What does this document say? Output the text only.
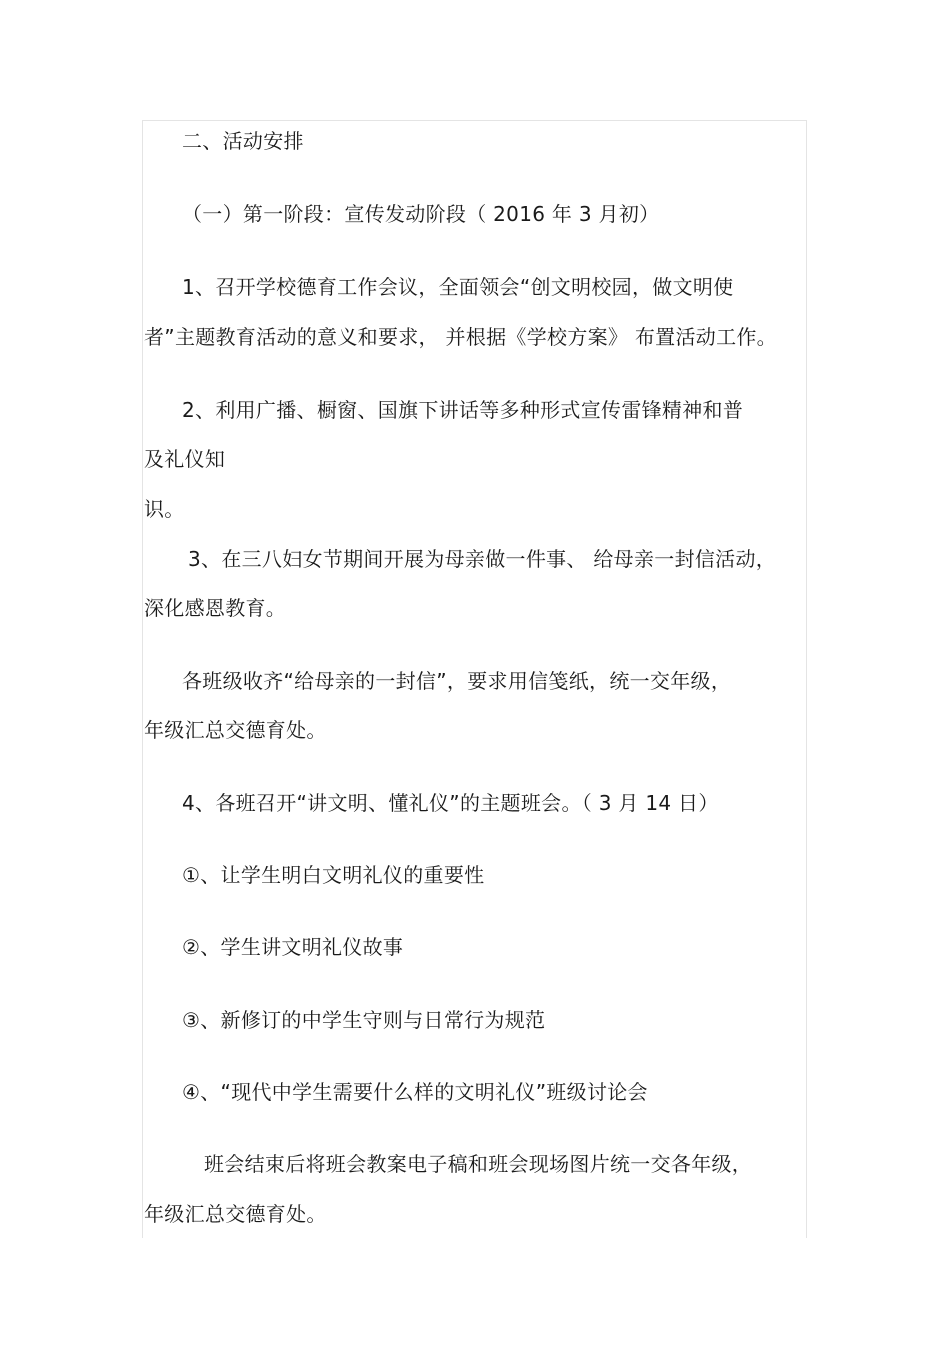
二、活动安排
（一）第一阶段：宣传发动阶段（ 2016 年 3 月初）
1、召开学校德育工作会议，全面领会“创文明校园，做文明使
者”主题教育活动的意义和要求， 并根据《学校方案》 布置活动工作。
2、利用广播、橱窗、国旗下讲话等多种形式宣传雷锋精神和普
及礼仪知
识。
3、在三八妇女节期间开展为母亲做一件事、 给母亲一封信活动，
深化感恩教育。
各班级收齐“给母亲的一封信”，要求用信笺纸，统一交年级，
年级汇总交德育处。
4、各班召开“讲文明、懂礼仪”的主题班会。（ 3 月 14 日）
①、让学生明白文明礼仪的重要性
②、学生讲文明礼仪故事
③、新修订的中学生守则与日常行为规范
④、“现代中学生需要什么样的文明礼仪”班级讨论会
班会结束后将班会教案电子稿和班会现场图片统一交各年级，
年级汇总交德育处。
